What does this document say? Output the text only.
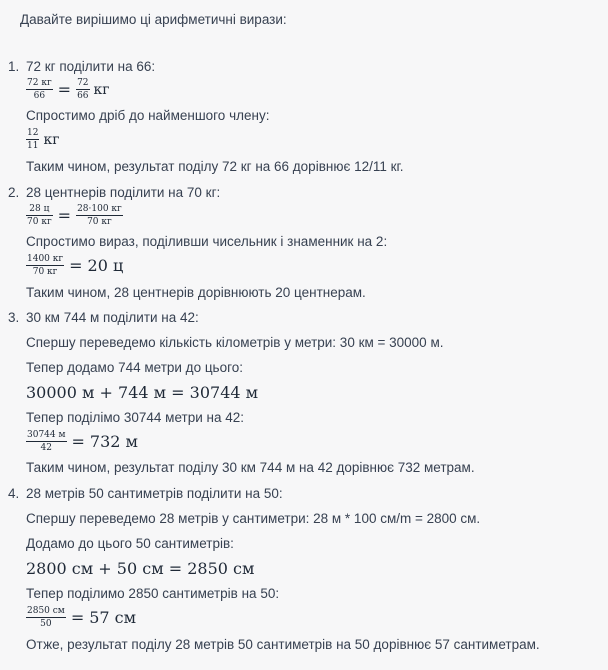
Давайте вирішимо ці арифметичні вирази:
1. 72 кг поділити на 66:
$\frac{72 кг}{66} = \frac{72}{66}$ кг
Спростимо дріб до найменшого члену:
$\frac{12}{11}$ кг
Таким чином, результат поділу 72 кг на 66 дорівнює 12/11 кг.
2. 28 центнерів поділити на 70 кг:
$\frac{28 ц}{70 кг} = \frac{28\cdot 100 кг}{70 кг}$
Спростимо вираз, поділивши чисельник і знаменник на 2:
$\frac{1400 кг}{70 кг} = 20$ ц
Таким чином, 28 центнерів дорівнюють 20 центнерам.
3. 30 км 744 м поділити на 42:
Спершу переведемо кількість кілометрів у метри: 30 км = 30000 м.
Тепер додамо 744 метри до цього:
30000 м + 744 м = 30744 м
Тепер поділімо 30744 метри на 42:
$\frac{30744 м}{42} = 732$ м
Таким чином, результат поділу 30 км 744 м на 42 дорівнює 732 метрам.
4. 28 метрів 50 сантиметрів поділити на 50:
Спершу переведемо 28 метрів у сантиметри: 28 м * 100 см/m = 2800 см.
Додамо до цього 50 сантиметрів:
2800 см + 50 см = 2850 см
Тепер поділимо 2850 сантиметрів на 50:
$\frac{2850 см}{50} = 57$ см
Отже, результат поділу 28 метрів 50 сантиметрів на 50 дорівнює 57 сантиметрам.
